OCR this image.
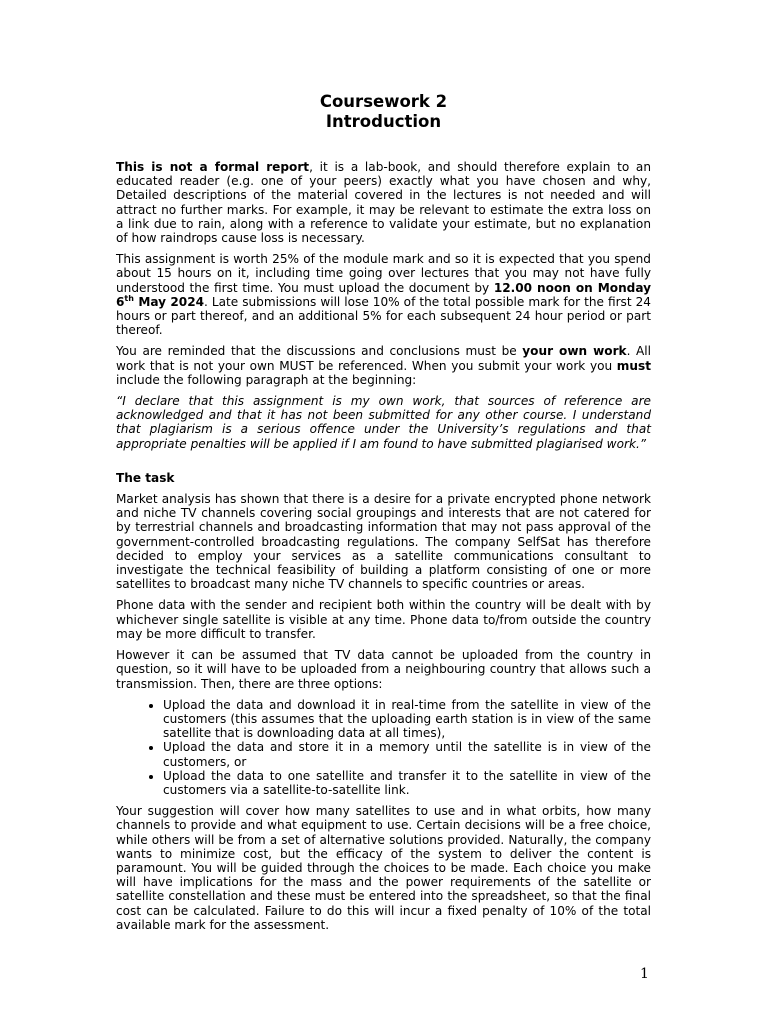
Coursework 2
Introduction

This is not a formal report, it is a lab-book, and should therefore explain to an educated reader (e.g. one of your peers) exactly what you have chosen and why, Detailed descriptions of the material covered in the lectures is not needed and will attract no further marks. For example, it may be relevant to estimate the extra loss on a link due to rain, along with a reference to validate your estimate, but no explanation of how raindrops cause loss is necessary.

This assignment is worth 25% of the module mark and so it is expected that you spend about 15 hours on it, including time going over lectures that you may not have fully understood the first time. You must upload the document by 12.00 noon on Monday 6th May 2024. Late submissions will lose 10% of the total possible mark for the first 24 hours or part thereof, and an additional 5% for each subsequent 24 hour period or part thereof.

You are reminded that the discussions and conclusions must be your own work. All work that is not your own MUST be referenced. When you submit your work you must include the following paragraph at the beginning:

“I declare that this assignment is my own work, that sources of reference are acknowledged and that it has not been submitted for any other course. I understand that plagiarism is a serious offence under the University’s regulations and that appropriate penalties will be applied if I am found to have submitted plagiarised work.”

The task

Market analysis has shown that there is a desire for a private encrypted phone network and niche TV channels covering social groupings and interests that are not catered for by terrestrial channels and broadcasting information that may not pass approval of the government-controlled broadcasting regulations. The company SelfSat has therefore decided to employ your services as a satellite communications consultant to investigate the technical feasibility of building a platform consisting of one or more satellites to broadcast many niche TV channels to specific countries or areas.

Phone data with the sender and recipient both within the country will be dealt with by whichever single satellite is visible at any time. Phone data to/from outside the country may be more difficult to transfer.

However it can be assumed that TV data cannot be uploaded from the country in question, so it will have to be uploaded from a neighbouring country that allows such a transmission. Then, there are three options:

• Upload the data and download it in real-time from the satellite in view of the customers (this assumes that the uploading earth station is in view of the same satellite that is downloading data at all times),
• Upload the data and store it in a memory until the satellite is in view of the customers, or
• Upload the data to one satellite and transfer it to the satellite in view of the customers via a satellite-to-satellite link.

Your suggestion will cover how many satellites to use and in what orbits, how many channels to provide and what equipment to use. Certain decisions will be a free choice, while others will be from a set of alternative solutions provided. Naturally, the company wants to minimize cost, but the efficacy of the system to deliver the content is paramount. You will be guided through the choices to be made. Each choice you make will have implications for the mass and the power requirements of the satellite or satellite constellation and these must be entered into the spreadsheet, so that the final cost can be calculated. Failure to do this will incur a fixed penalty of 10% of the total available mark for the assessment.

1
